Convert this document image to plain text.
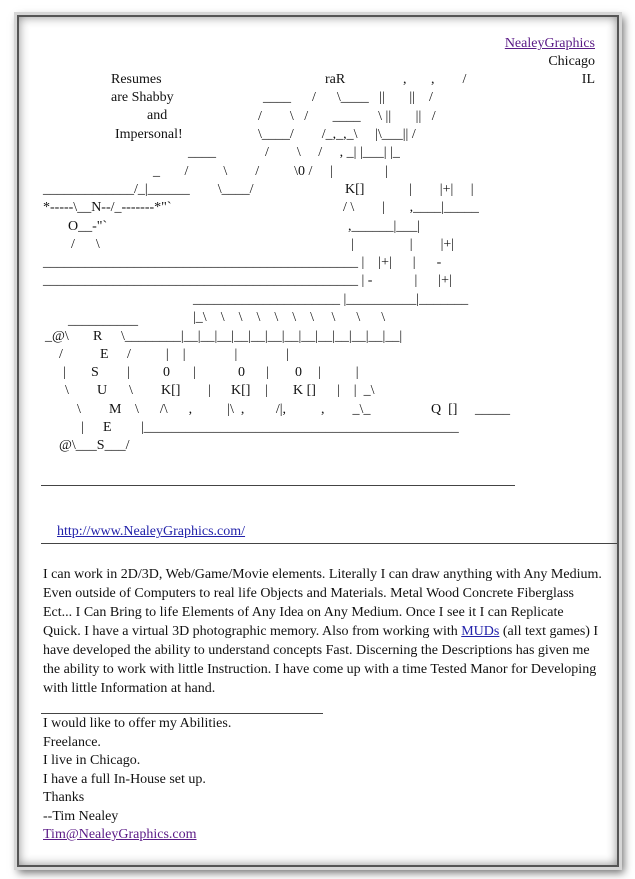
NealeyGraphics
Chicago
IL
Resumes
are Shabby
and
Impersonal!
raR	,       ,        /
____      /      \____   ||       ||    /
/        \   /       ____     \ ||       ||   /
\____/        /_,_,_\     |\___|| /
____              /        \     /     , _| |___| |_
_       /          \        /          \0 /     |               |
_____________/_|______        \____/	K[] |        |+|     |
*-----\__N--/_-------*"`	/ \        |       ,____|_____
O__-"`	,______|___|
/      \	|                |        |+|
_____________________________________________ |    |+|      |      -
_____________________________________________ | -            |      |+|
_____________________ |__________|_______
|_\    \    \    \    \    \    \     \      \      \
__________
_@\ R \________|__|__|__|__|__|__|__|__|__|__|__|__|__|
/	E /          |    |              |              |
| S | 0 |	0 | 0 |          |
\ U \ K[] | K[] | K [] |    |  _\
\ M \      /\      ,          |\  ,         /|,          ,        _\_	Q  [] _____
| E |_____________________________________________
@\___S___/

http://www.NealeyGraphics.com/

I can work in 2D/3D, Web/Game/Movie elements. Literally I can draw anything with Any Medium. Even outside of Computers to real life Objects and Materials. Metal Wood Concrete Fiberglass Ect... I Can Bring to life Elements of Any Idea on Any Medium. Once I see it I can Replicate Quick. I have a virtual 3D photographic memory. Also from working with MUDs (all text games) I have developed the ability to understand concepts Fast. Discerning the Descriptions has given me the ability to work with little Instruction. I have come up with a time Tested Manor for Developing with little Information at hand.
I would like to offer my Abilities.
Freelance.
I live in Chicago.
I have a full In-House set up.
Thanks
--Tim Nealey
Tim@NealeyGraphics.com
